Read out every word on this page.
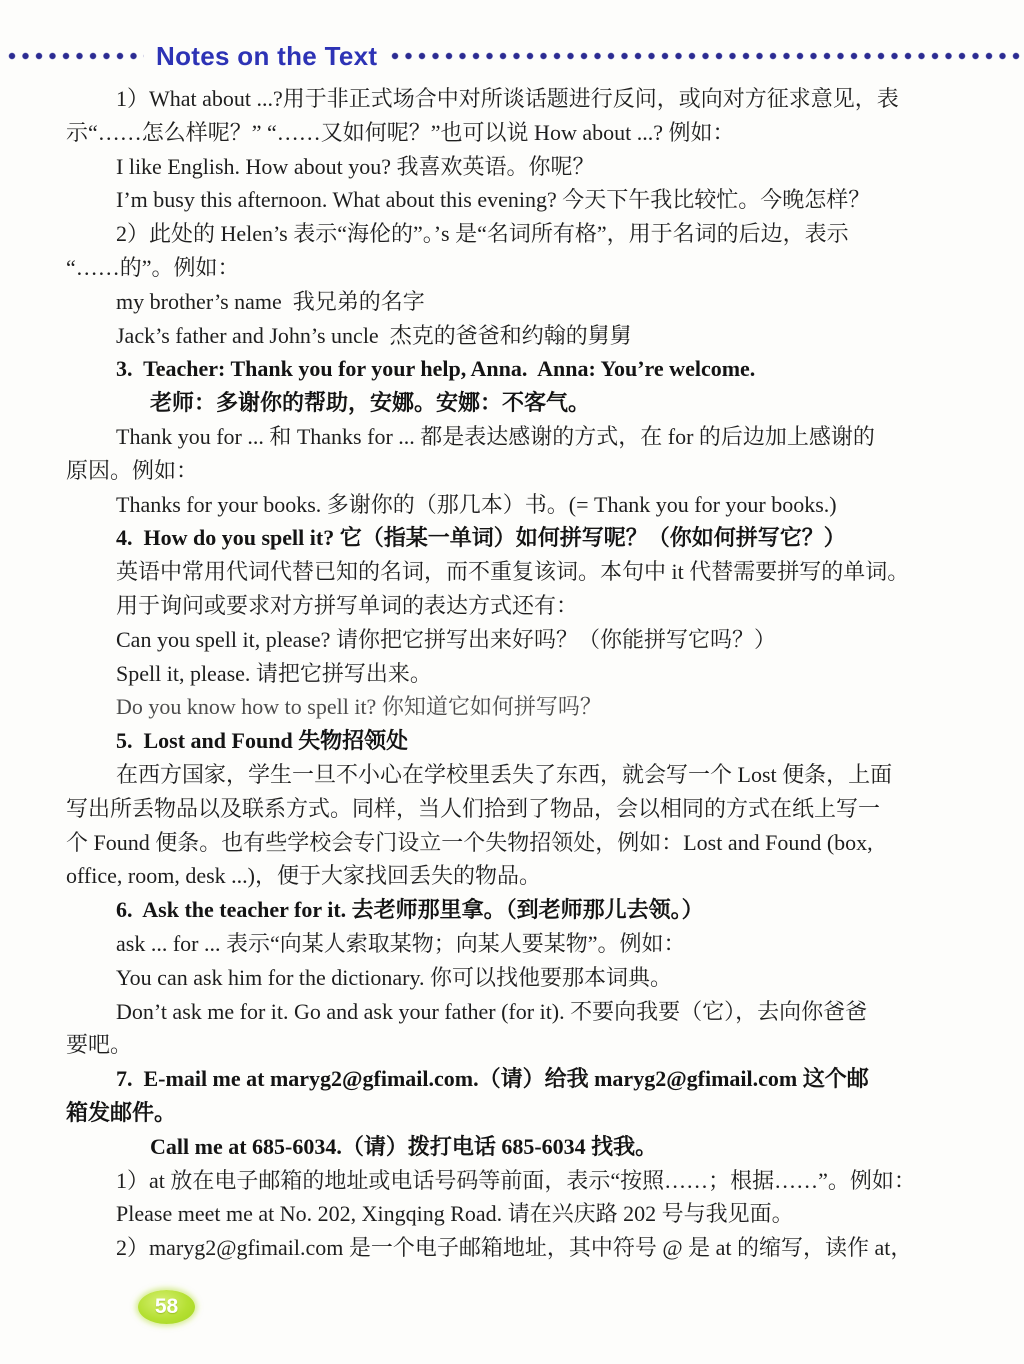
Notes on the Text
1）What about ...?用于非正式场合中对所谈话题进行反问，或向对方征求意见，表
示“……怎么样呢？” “……又如何呢？”也可以说 How about ...? 例如：
I like English. How about you? 我喜欢英语。你呢？
I’m busy this afternoon. What about this evening? 今天下午我比较忙。今晚怎样？
2）此处的 Helen’s 表示“海伦的”。’s 是“名词所有格”，用于名词的后边，表示
“……的”。例如：
my brother’s name  我兄弟的名字
Jack’s father and John’s uncle  杰克的爸爸和约翰的舅舅
3.  Teacher: Thank you for your help, Anna.  Anna: You’re welcome.
老师：多谢你的帮助，安娜。安娜：不客气。
Thank you for ... 和 Thanks for ... 都是表达感谢的方式，在 for 的后边加上感谢的
原因。例如：
Thanks for your books. 多谢你的（那几本）书。(= Thank you for your books.)
4.  How do you spell it? 它（指某一单词）如何拼写呢？（你如何拼写它？）
英语中常用代词代替已知的名词，而不重复该词。本句中 it 代替需要拼写的单词。
用于询问或要求对方拼写单词的表达方式还有：
Can you spell it, please? 请你把它拼写出来好吗？（你能拼写它吗？）
Spell it, please. 请把它拼写出来。
Do you know how to spell it? 你知道它如何拼写吗？
5.  Lost and Found 失物招领处
在西方国家，学生一旦不小心在学校里丢失了东西，就会写一个 Lost 便条，上面
写出所丢物品以及联系方式。同样，当人们拾到了物品，会以相同的方式在纸上写一
个 Found 便条。也有些学校会专门设立一个失物招领处，例如：Lost and Found (box,
office, room, desk ...)，便于大家找回丢失的物品。
6.  Ask the teacher for it. 去老师那里拿。（到老师那儿去领。）
ask ... for ... 表示“向某人索取某物；向某人要某物”。例如：
You can ask him for the dictionary. 你可以找他要那本词典。
Don’t ask me for it. Go and ask your father (for it). 不要向我要（它），去向你爸爸
要吧。
7.  E-mail me at maryg2@gfimail.com.（请）给我 maryg2@gfimail.com 这个邮
箱发邮件。
Call me at 685-6034.（请）拨打电话 685-6034 找我。
1）at 放在电子邮箱的地址或电话号码等前面，表示“按照……；根据……”。例如：
Please meet me at No. 202, Xingqing Road. 请在兴庆路 202 号与我见面。
2）maryg2@gfimail.com 是一个电子邮箱地址，其中符号 @ 是 at 的缩写，读作 at，
58
